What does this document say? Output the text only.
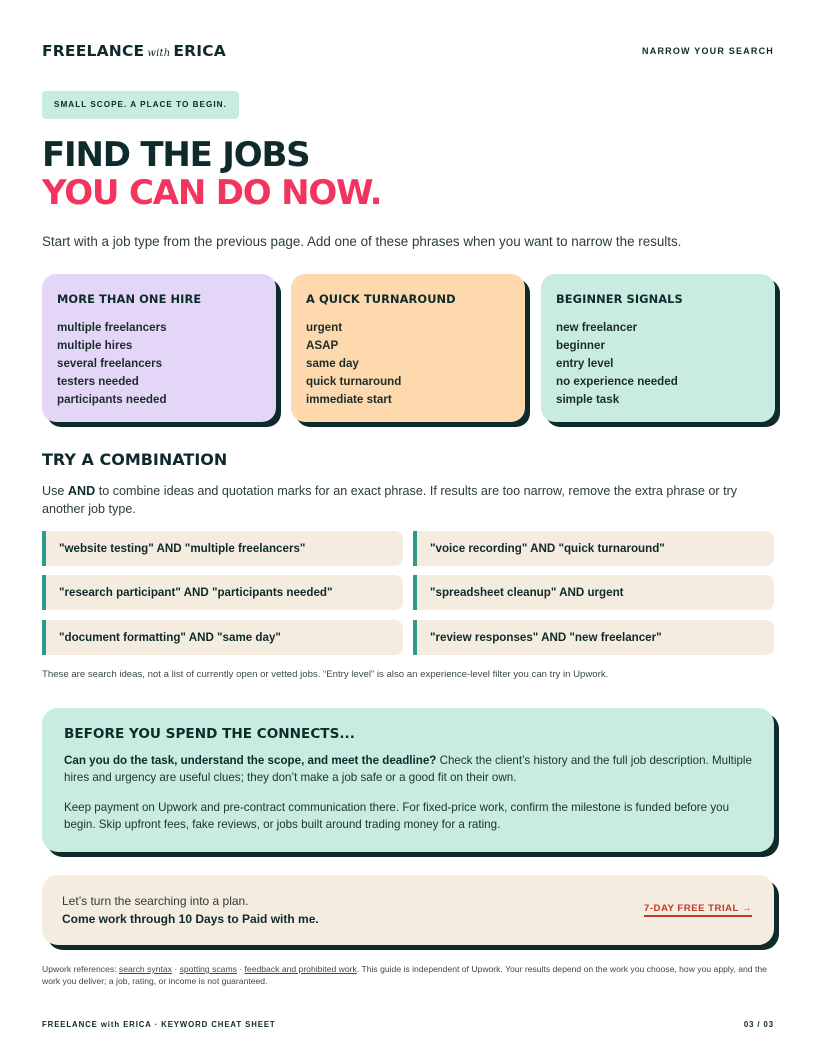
FREELANCE with ERICA	NARROW YOUR SEARCH
SMALL SCOPE. A PLACE TO BEGIN.
FIND THE JOBS
YOU CAN DO NOW.
Start with a job type from the previous page. Add one of these phrases when you want to narrow the results.
MORE THAN ONE HIRE
multiple freelancers
multiple hires
several freelancers
testers needed
participants needed
A QUICK TURNAROUND
urgent
ASAP
same day
quick turnaround
immediate start
BEGINNER SIGNALS
new freelancer
beginner
entry level
no experience needed
simple task
TRY A COMBINATION
Use AND to combine ideas and quotation marks for an exact phrase. If results are too narrow, remove the extra phrase or try another job type.
"website testing" AND "multiple freelancers"	"voice recording" AND "quick turnaround"
"research participant" AND "participants needed"	"spreadsheet cleanup" AND urgent
"document formatting" AND "same day"	"review responses" AND "new freelancer"
These are search ideas, not a list of currently open or vetted jobs. “Entry level” is also an experience-level filter you can try in Upwork.
BEFORE YOU SPEND THE CONNECTS...

Can you do the task, understand the scope, and meet the deadline? Check the client’s history and the full job description. Multiple hires and urgency are useful clues; they don’t make a job safe or a good fit on their own.

Keep payment on Upwork and pre-contract communication there. For fixed-price work, confirm the milestone is funded before you begin. Skip upfront fees, fake reviews, or jobs built around trading money for a rating.

Let’s turn the searching into a plan.
Come work through 10 Days to Paid with me.
7-DAY FREE TRIAL →
Upwork references: search syntax · spotting scams · feedback and prohibited work. This guide is independent of Upwork. Your results depend on the work you choose, how you apply, and the work you deliver; a job, rating, or income is not guaranteed.
FREELANCE with ERICA · KEYWORD CHEAT SHEET	03 / 03
